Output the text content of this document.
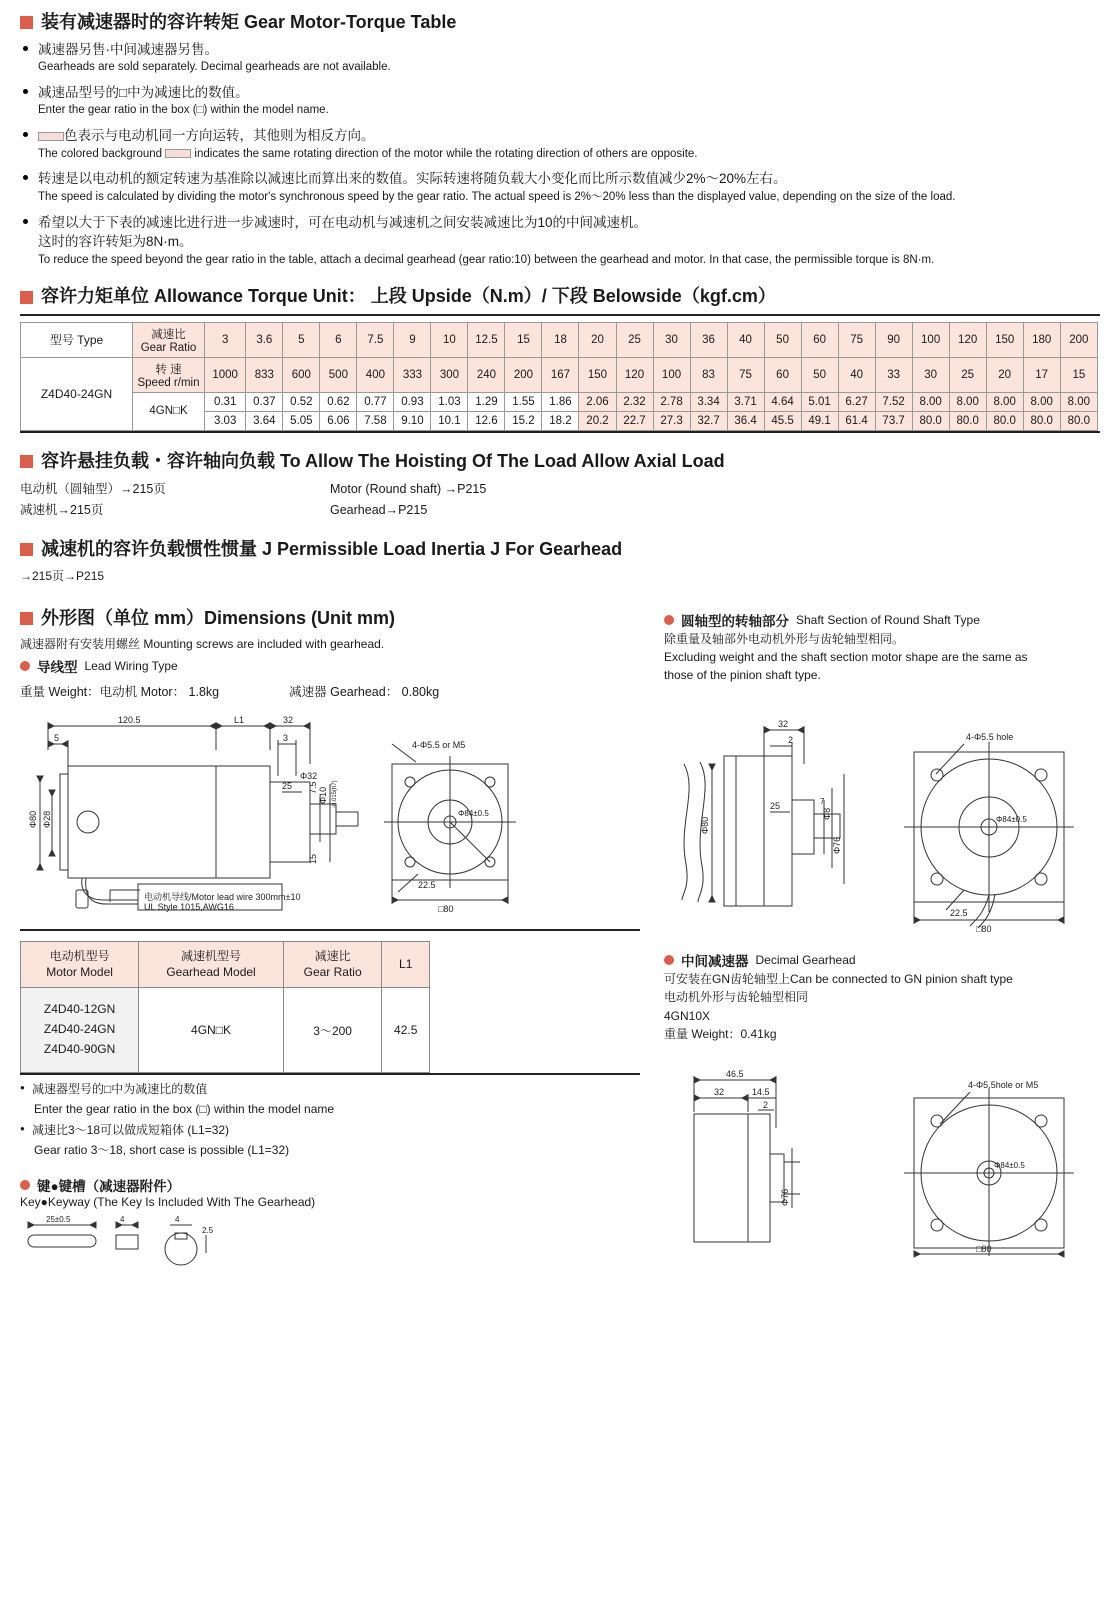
装有减速器时的容许转矩 Gear Motor-Torque Table
减速器另售·中间减速器另售。
Gearheads are sold separately. Decimal gearheads are not available.
减速品型号的□中为减速比的数值。
Enter the gear ratio in the box (□) within the model name.
色表示与电动机同一方向运转，其他则为相反方向。
The colored background  indicates the same rotating direction of the motor while the rotating direction of others are opposite.
转速是以电动机的额定转速为基准除以减速比而算出来的数值。实际转速将随负载大小变化而比所示数值减少2%～20%左右。
The speed is calculated by dividing the motor's synchronous speed by the gear ratio. The actual speed is 2%～20% less than the displayed value, depending on the size of the load.
希望以大于下表的减速比进行进一步减速时，可在电动机与减速机之间安装减速比为10的中间减速机。
这时的容许转矩为8N·m。
To reduce the speed beyond the gear ratio in the table, attach a decimal gearhead (gear ratio:10) between the gearhead and motor. In that case, the permissible torque is 8N·m.
容许力矩单位 Allowance Torque Unit： 上段 Upside（N.m）/ 下段 Belowside（kgf.cm）
型号 Type	减速比
Gear Ratio	3	3.6	5	6	7.5	9	10	12.5	15	18	20	25	30	36	40	50	60	75	90	100	120	150	180	200
Z4D40-24GN	转 速
Speed r/min	1000	833	600	500	400	333	300	240	200	167	150	120	100	83	75	60	50	40	33	30	25	20	17	15
	4GN□K	0.31	0.37	0.52	0.62	0.77	0.93	1.03	1.29	1.55	1.86	2.06	2.32	2.78	3.34	3.71	4.64	5.01	6.27	7.52	8.00	8.00	8.00	8.00	8.00
		3.03	3.64	5.05	6.06	7.58	9.10	10.1	12.6	15.2	18.2	20.2	22.7	27.3	32.7	36.4	45.5	49.1	61.4	73.7	80.0	80.0	80.0	80.0	80.0
容许悬挂负载・容许轴向负载 To Allow The Hoisting Of The Load Allow Axial Load
电动机（圆轴型）→215页
减速机→215页
Motor (Round shaft) →P215
Gearhead→P215
减速机的容许负载惯性惯量 J Permissible Load Inertia J For Gearhead
→215页→P215
外形图（单位 mm）Dimensions (Unit mm)
减速器附有安装用螺丝 Mounting screws are included with gearhead.
导线型 Lead Wiring Type
重量 Weight：电动机 Motor： 1.8kg	减速器 Gearhead： 0.80kg
120.5	L1	32
5	3
25 7.5 Φ10 -0.015(h7)
15
Φ32
Φ80 Φ28
4-Φ5.5 or M5
Φ84±0.5
22.5
□80
电动机导线/Motor lead wire 300mm±10
UL Style 1015,AWG16
电动机型号
Motor Model	减速机型号
Gearhead Model	减速比
Gear Ratio	L1
Z4D40-12GN
Z4D40-24GN
Z4D40-90GN	4GN□K	3～200	42.5
● 减速器型号的□中为减速比的数值
Enter the gear ratio in the box (□) within the model name
● 减速比3～18可以做成短箱体 (L1=32)
Gear ratio 3～18, short case is possible (L1=32)
键●键槽（减速器附件）
Key●Keyway (The Key Is Included With The Gearhead)
25±0.5	4	4
2.5
圆轴型的转轴部分 Shaft Section of Round Shaft Type
除重量及轴部外电动机外形与齿轮轴型相同。
Excluding weight and the shaft section motor shape are the same as
those of the pinion shaft type.
32
2
25	7
Φ80
Φ8
Φ76
4-Φ5.5 hole
Φ84±0.5
22.5
□80
中间减速器 Decimal Gearhead
可安装在GN齿轮轴型上Can be connected to GN pinion shaft type
电动机外形与齿轮轴型相同
4GN10X
重量 Weight：0.41kg
46.5
32	14.5
2
Φ76
4-Φ5.5hole or M5
Φ84±0.5
□80
